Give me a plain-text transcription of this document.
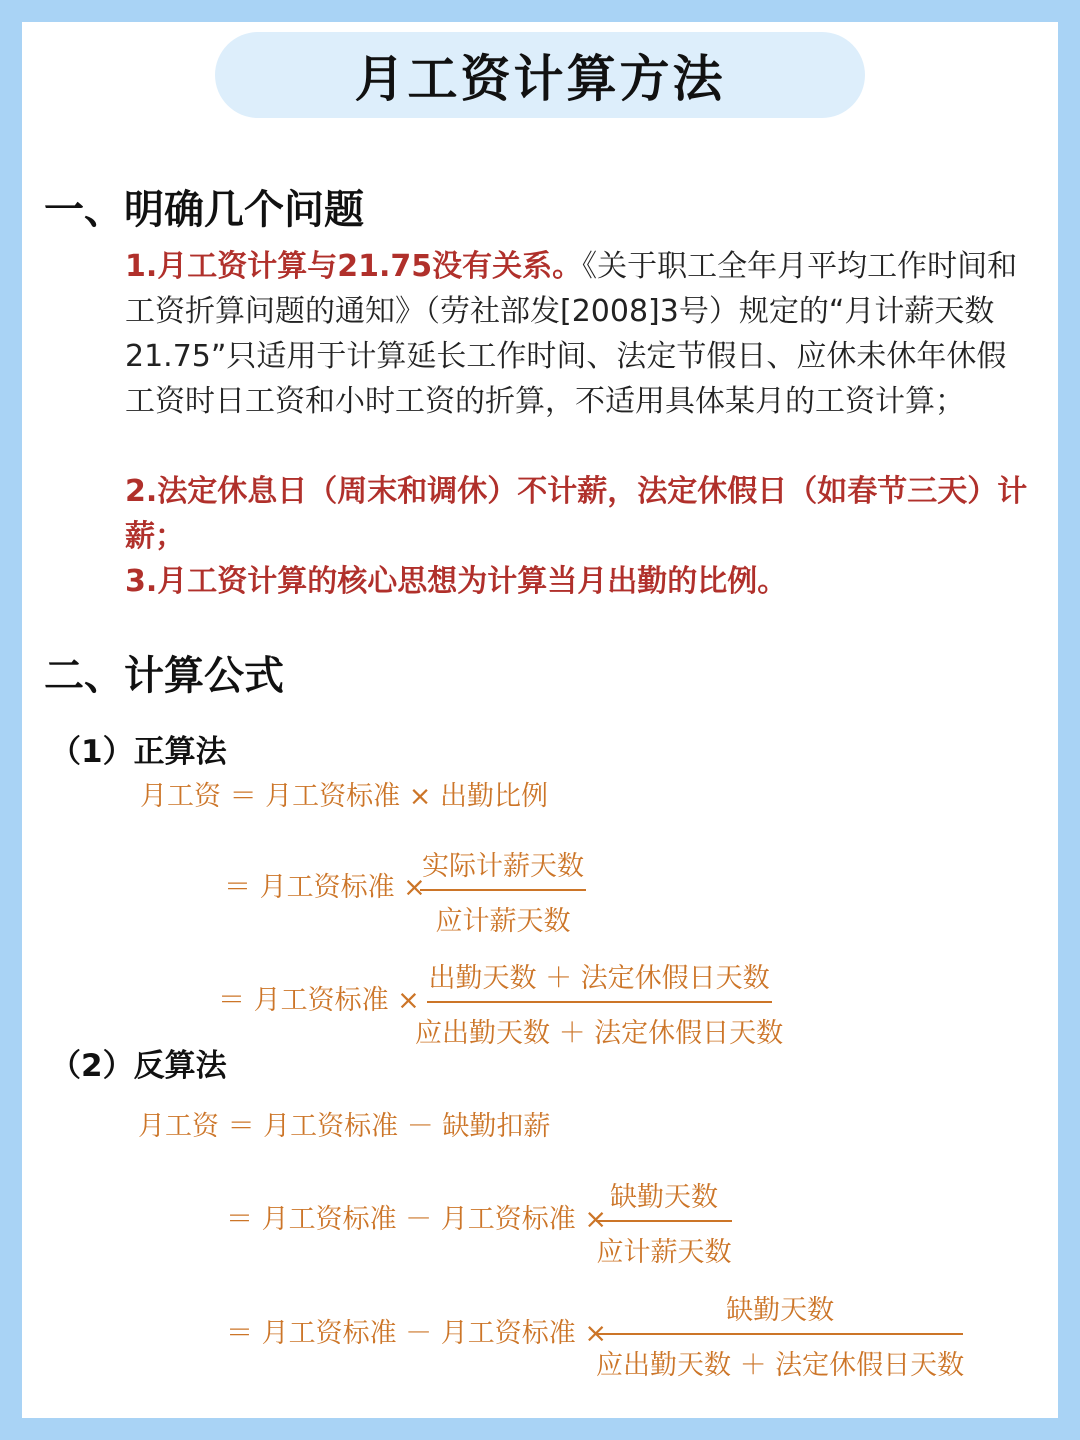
月工资计算方法
一、明确几个问题
1.月工资计算与21.75没有关系。《关于职工全年月平均工作时间和工资折算问题的通知》（劳社部发[2008]3号）规定的“月计薪天数21.75”只适用于计算延长工作时间、法定节假日、应休未休年休假工资时日工资和小时工资的折算，不适用具体某月的工资计算；
2.法定休息日（周末和调休）不计薪，法定休假日（如春节三天）计薪；
3.月工资计算的核心思想为计算当月出勤的比例。
二、计算公式
（1）正算法
月工资 ＝ 月工资标准 × 出勤比例
＝ 月工资标准 ×
实际计薪天数
应计薪天数
＝ 月工资标准 ×
出勤天数 ＋ 法定休假日天数
应出勤天数 ＋ 法定休假日天数
（2）反算法
月工资 ＝ 月工资标准 － 缺勤扣薪
＝ 月工资标准 － 月工资标准 ×
缺勤天数
应计薪天数
＝ 月工资标准 － 月工资标准 ×
缺勤天数
应出勤天数 ＋ 法定休假日天数
